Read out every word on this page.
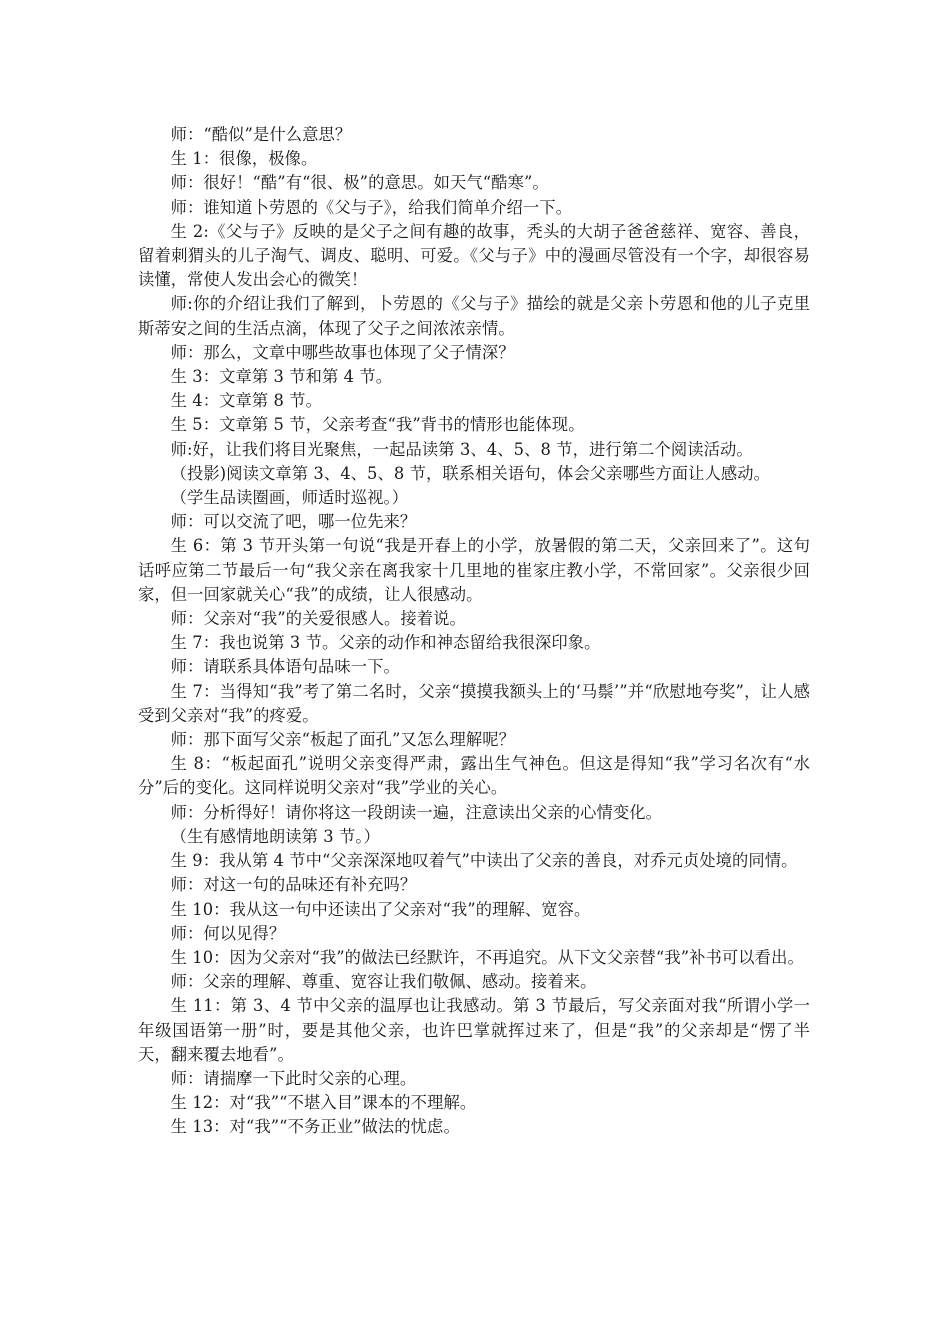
师：“酷似”是什么意思？

生 1：很像，极像。

师：很好！“酷”有“很、极”的意思。如天气“酷寒”。

师：谁知道卜劳恩的《父与子》，给我们简单介绍一下。

生 2:《父与子》反映的是父子之间有趣的故事，秃头的大胡子爸爸慈祥、宽容、善良，留着刺猬头的儿子淘气、调皮、聪明、可爱。《父与子》中的漫画尽管没有一个字，却很容易读懂，常使人发出会心的微笑！

师:你的介绍让我们了解到，卜劳恩的《父与子》描绘的就是父亲卜劳恩和他的儿子克里斯蒂安之间的生活点滴，体现了父子之间浓浓亲情。

师：那么，文章中哪些故事也体现了父子情深？

生 3：文章第 3 节和第 4 节。

生 4：文章第 8 节。

生 5：文章第 5 节，父亲考查“我”背书的情形也能体现。

师:好，让我们将目光聚焦，一起品读第 3、4、5、8 节，进行第二个阅读活动。

（投影)阅读文章第 3、4、5、8 节，联系相关语句，体会父亲哪些方面让人感动。

（学生品读圈画，师适时巡视。）

师：可以交流了吧，哪一位先来？

生 6：第 3 节开头第一句说“我是开春上的小学，放暑假的第二天，父亲回来了”。这句话呼应第二节最后一句“我父亲在离我家十几里地的崔家庄教小学，不常回家”。父亲很少回家，但一回家就关心“我”的成绩，让人很感动。

师：父亲对“我”的关爱很感人。接着说。

生 7：我也说第 3 节。父亲的动作和神态留给我很深印象。

师：请联系具体语句品味一下。

生 7：当得知“我”考了第二名时，父亲“摸摸我额头上的‘马鬃’”并“欣慰地夸奖”，让人感受到父亲对“我”的疼爱。

师：那下面写父亲“板起了面孔”又怎么理解呢？

生 8：“板起面孔”说明父亲变得严肃，露出生气神色。但这是得知“我”学习名次有“水分”后的变化。这同样说明父亲对“我”学业的关心。

师：分析得好！请你将这一段朗读一遍，注意读出父亲的心情变化。

（生有感情地朗读第 3 节。）

生 9：我从第 4 节中“父亲深深地叹着气”中读出了父亲的善良，对乔元贞处境的同情。

师：对这一句的品味还有补充吗？

生 10：我从这一句中还读出了父亲对“我”的理解、宽容。

师：何以见得？

生 10：因为父亲对“我”的做法已经默许，不再追究。从下文父亲替“我”补书可以看出。

师：父亲的理解、尊重、宽容让我们敬佩、感动。接着来。

生 11：第 3、4 节中父亲的温厚也让我感动。第 3 节最后，写父亲面对我“所谓小学一年级国语第一册”时，要是其他父亲，也许巴掌就挥过来了，但是“我”的父亲却是“愣了半天，翻来覆去地看”。

师：请揣摩一下此时父亲的心理。

生 12：对“我”“不堪入目”课本的不理解。

生 13：对“我”“不务正业”做法的忧虑。
